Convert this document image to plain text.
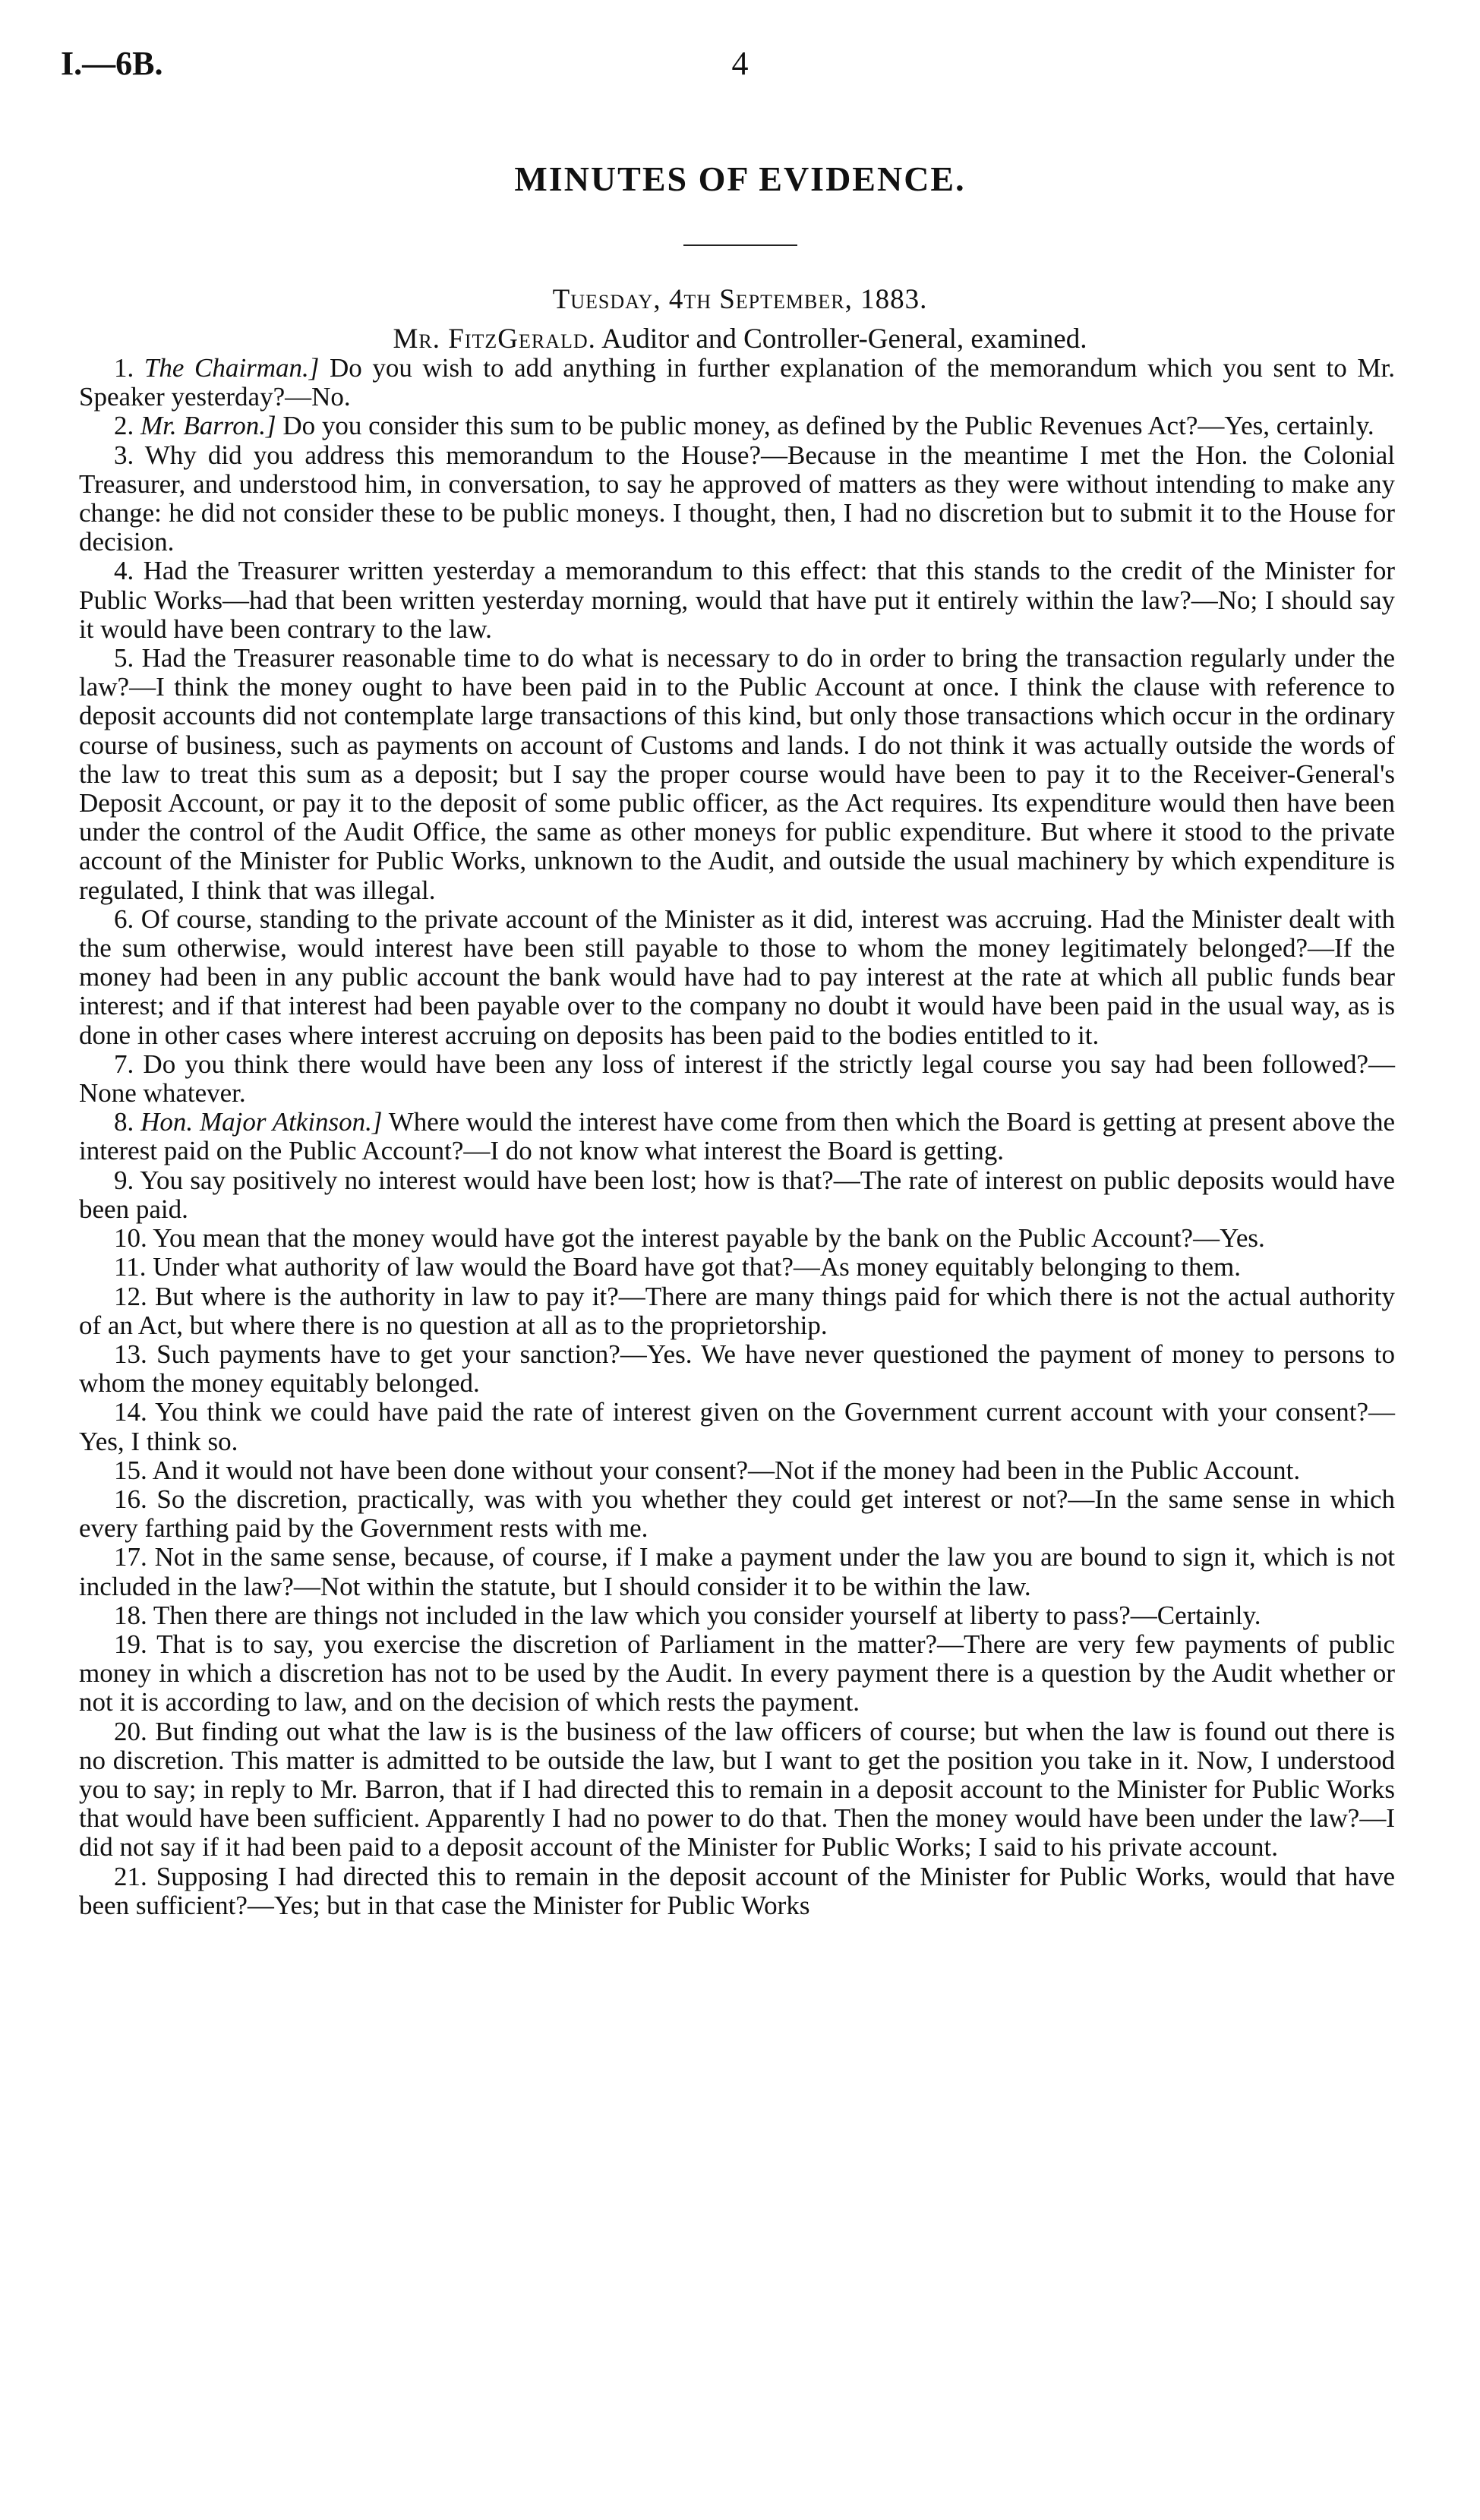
I.—6B.	4
MINUTES OF EVIDENCE.
Tuesday, 4th September, 1883.
Mr. FitzGerald. Auditor and Controller-General, examined.

1. The Chairman.] Do you wish to add anything in further explanation of the memorandum which you sent to Mr. Speaker yesterday?—No.

2. Mr. Barron.] Do you consider this sum to be public money, as defined by the Public Revenues Act?—Yes, certainly.

3. Why did you address this memorandum to the House?—Because in the meantime I met the Hon. the Colonial Treasurer, and understood him, in conversation, to say he approved of matters as they were without intending to make any change: he did not consider these to be public moneys. I thought, then, I had no discretion but to submit it to the House for decision.

4. Had the Treasurer written yesterday a memorandum to this effect: that this stands to the credit of the Minister for Public Works—had that been written yesterday morning, would that have put it entirely within the law?—No; I should say it would have been contrary to the law.

5. Had the Treasurer reasonable time to do what is necessary to do in order to bring the transaction regularly under the law?—I think the money ought to have been paid in to the Public Account at once. I think the clause with reference to deposit accounts did not contemplate large transactions of this kind, but only those transactions which occur in the ordinary course of business, such as payments on account of Customs and lands. I do not think it was actually outside the words of the law to treat this sum as a deposit; but I say the proper course would have been to pay it to the Receiver-General's Deposit Account, or pay it to the deposit of some public officer, as the Act requires. Its expenditure would then have been under the control of the Audit Office, the same as other moneys for public expenditure. But where it stood to the private account of the Minister for Public Works, unknown to the Audit, and outside the usual machinery by which expenditure is regulated, I think that was illegal.

6. Of course, standing to the private account of the Minister as it did, interest was accruing. Had the Minister dealt with the sum otherwise, would interest have been still payable to those to whom the money legitimately belonged?—If the money had been in any public account the bank would have had to pay interest at the rate at which all public funds bear interest; and if that interest had been payable over to the company no doubt it would have been paid in the usual way, as is done in other cases where interest accruing on deposits has been paid to the bodies entitled to it.

7. Do you think there would have been any loss of interest if the strictly legal course you say had been followed?—None whatever.

8. Hon. Major Atkinson.] Where would the interest have come from then which the Board is getting at present above the interest paid on the Public Account?—I do not know what interest the Board is getting.

9. You say positively no interest would have been lost; how is that?—The rate of interest on public deposits would have been paid.

10. You mean that the money would have got the interest payable by the bank on the Public Account?—Yes.

11. Under what authority of law would the Board have got that?—As money equitably belonging to them.

12. But where is the authority in law to pay it?—There are many things paid for which there is not the actual authority of an Act, but where there is no question at all as to the proprietorship.

13. Such payments have to get your sanction?—Yes. We have never questioned the payment of money to persons to whom the money equitably belonged.

14. You think we could have paid the rate of interest given on the Government current account with your consent?—Yes, I think so.

15. And it would not have been done without your consent?—Not if the money had been in the Public Account.

16. So the discretion, practically, was with you whether they could get interest or not?—In the same sense in which every farthing paid by the Government rests with me.

17. Not in the same sense, because, of course, if I make a payment under the law you are bound to sign it, which is not included in the law?—Not within the statute, but I should consider it to be within the law.

18. Then there are things not included in the law which you consider yourself at liberty to pass?—Certainly.

19. That is to say, you exercise the discretion of Parliament in the matter?—There are very few payments of public money in which a discretion has not to be used by the Audit. In every payment there is a question by the Audit whether or not it is according to law, and on the decision of which rests the payment.

20. But finding out what the law is is the business of the law officers of course; but when the law is found out there is no discretion. This matter is admitted to be outside the law, but I want to get the position you take in it. Now, I understood you to say; in reply to Mr. Barron, that if I had directed this to remain in a deposit account to the Minister for Public Works that would have been sufficient. Apparently I had no power to do that. Then the money would have been under the law?—I did not say if it had been paid to a deposit account of the Minister for Public Works; I said to his private account.

21. Supposing I had directed this to remain in the deposit account of the Minister for Public Works, would that have been sufficient?—Yes; but in that case the Minister for Public Works
